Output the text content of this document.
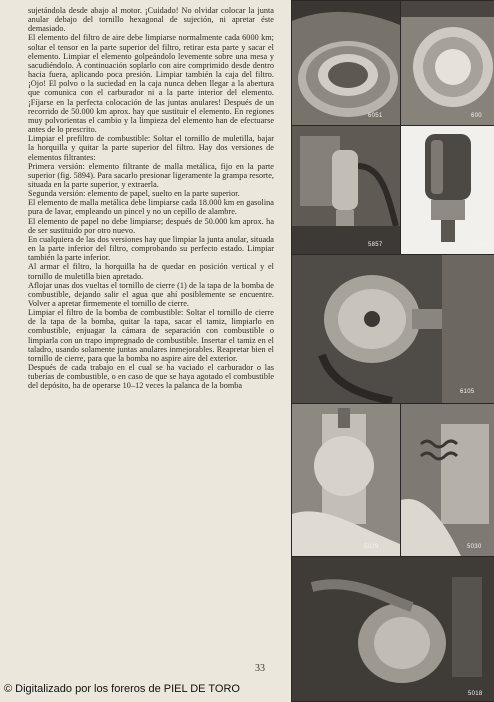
sujetándola desde abajo al motor. ¡Cuidado! No olvidar colocar la junta anular debajo del tornillo hexagonal de sujeción, ni apretar éste demasiado.

El elemento del filtro de aire debe limpiarse normalmente cada 6000 km; soltar el tensor en la parte superior del filtro, retirar esta parte y sacar el elemento. Limpiar el elemento golpeándolo levemente sobre una mesa y sacudiéndolo. A continuación soplarlo con aire comprimido desde dentro hacia fuera, aplicando poca presión. Limpiar también la caja del filtro. ¡Ojo! El polvo o la suciedad en la caja nunca deben llegar a la abertura que comunica con el carburador ni a la parte interior del elemento. ¡Fíjarse en la perfecta colocación de las juntas anulares! Después de un recorrido de 50.000 km aprox. hay que sustituir el elemento. En regiones muy polvorientas el cambio y la limpieza del elemento han de efectuarse antes de lo prescrito.

Limpiar el prefiltro de combustible: Soltar el tornillo de muletilla, bajar la horquilla y quitar la parte superior del filtro. Hay dos versiones de elementos filtrantes:

Primera versión: elemento filtrante de malla metálica, fijo en la parte superior (fig. 5894). Para sacarlo presionar ligeramente la grampa resorte, situada en la parte superior, y extraerla.

Segunda versión: elemento de papel, suelto en la parte superior.

El elemento de malla metálica debe limpiarse cada 18.000 km en gasolina pura de lavar, empleando un pincel y no un cepillo de alambre.

El elemento de papel no debe limpiarse; después de 50.000 km aprox. ha de ser sustituido por otro nuevo.

En cualquiera de las dos versiones hay que limpiar la junta anular, situada en la parte inferior del filtro, comprobando su perfecto estado. Limpiar también la parte inferior.

Al armar el filtro, la horquilla ha de quedar en posición vertical y el tornillo de muletilla bien apretado.

Aflojar unas dos vueltas el tornillo de cierre (1) de la tapa de la bomba de combustible, dejando salir el agua que ahí posiblemente se encuentre. Volver a apretar firmemente el tornillo de cierre.

Limpiar el filtro de la bomba de combustible: Soltar el tornillo de cierre de la tapa de la bomba, quitar la tapa, sacar el tamiz, limpiarlo en combustible, enjuagar la cámara de separación con combustible o limpiarla con un trapo impregnado de combustible. Insertar el tamiz en el taladro, usando solamente juntas anulares inmejorables. Reapretar bien el tornillo de cierre, para que la bomba no aspire aire del exterior.

Después de cada trabajo en el cual se ha vaciado el carburador o las tuberías de combustible, o en caso de que se haya agotado el combustible del depósito, ha de operarse 10–12 veces la palanca de la bomba

33
6051	600
5857	5894
6105
5029	5030
5018
© Digitalizado por los foreros de PIEL DE TORO
